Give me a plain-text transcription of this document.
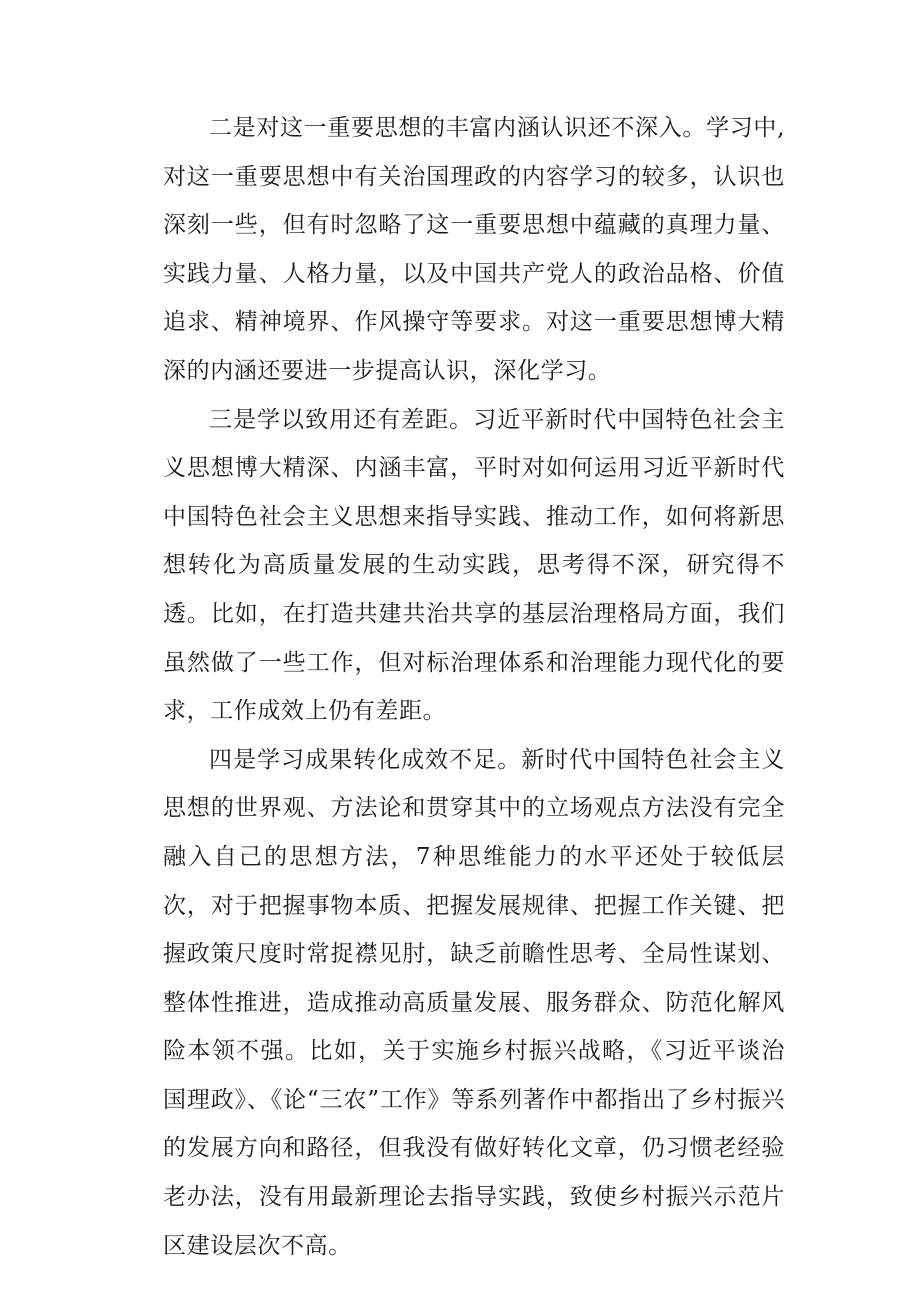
二是对这一重要思想的丰富内涵认识还不深入。学习中,对这一重要思想中有关治国理政的内容学习的较多，认识也深刻一些，但有时忽略了这一重要思想中蕴藏的真理力量、实践力量、人格力量，以及中国共产党人的政治品格、价值追求、精神境界、作风操守等要求。对这一重要思想博大精深的内涵还要进一步提高认识，深化学习。

三是学以致用还有差距。习近平新时代中国特色社会主义思想博大精深、内涵丰富，平时对如何运用习近平新时代中国特色社会主义思想来指导实践、推动工作，如何将新思想转化为高质量发展的生动实践，思考得不深，研究得不透。比如，在打造共建共治共享的基层治理格局方面，我们虽然做了一些工作，但对标治理体系和治理能力现代化的要求，工作成效上仍有差距。

四是学习成果转化成效不足。新时代中国特色社会主义思想的世界观、方法论和贯穿其中的立场观点方法没有完全融入自己的思想方法，7种思维能力的水平还处于较低层次，对于把握事物本质、把握发展规律、把握工作关键、把握政策尺度时常捉襟见肘，缺乏前瞻性思考、全局性谋划、整体性推进，造成推动高质量发展、服务群众、防范化解风险本领不强。比如，关于实施乡村振兴战略，《习近平谈治国理政》、《论“三农”工作》等系列著作中都指出了乡村振兴的发展方向和路径，但我没有做好转化文章，仍习惯老经验老办法，没有用最新理论去指导实践，致使乡村振兴示范片区建设层次不高。
